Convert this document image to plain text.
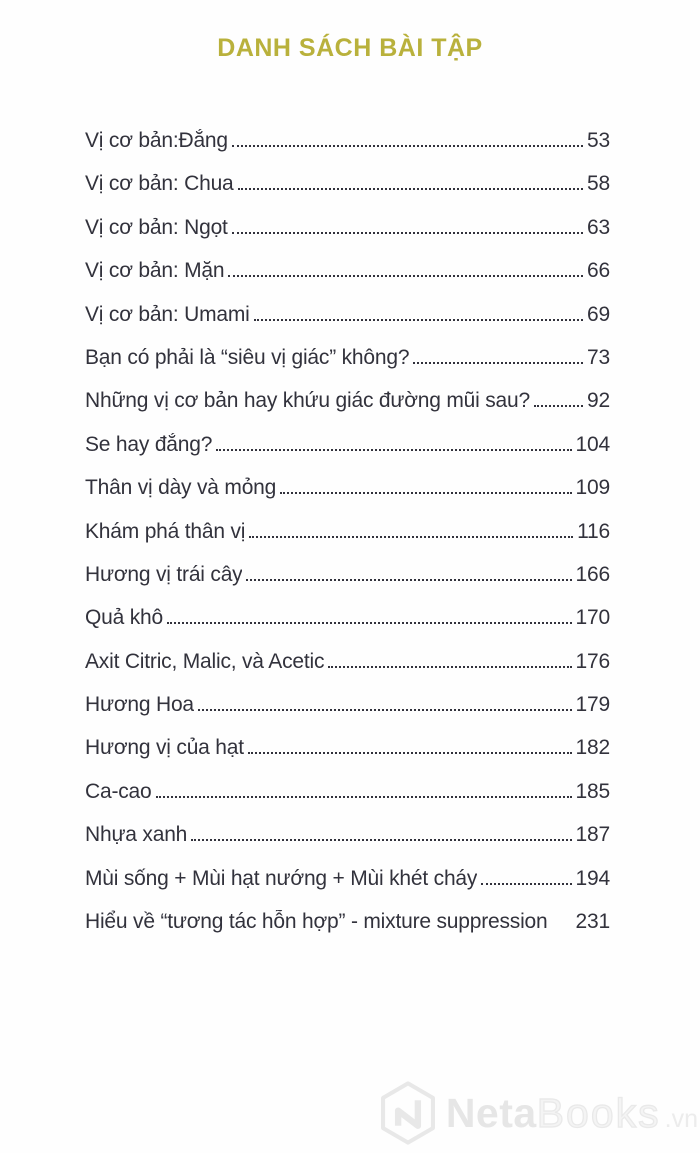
DANH SÁCH BÀI TẬP
Vị cơ bản:Đắng	53
Vị cơ bản: Chua	58
Vị cơ bản: Ngọt	63
Vị cơ bản: Mặn	66
Vị cơ bản: Umami	69
Bạn có phải là “siêu vị giác” không?	73
Những vị cơ bản hay khứu giác đường mũi sau?	92
Se hay đắng?	104
Thân vị dày và mỏng	109
Khám phá thân vị	116
Hương vị trái cây	166
Quả khô	170
Axit Citric, Malic, và Acetic	176
Hương Hoa	179
Hương vị của hạt	182
Ca-cao	185
Nhựa xanh	187
Mùi sống + Mùi hạt nướng + Mùi khét cháy	194
Hiểu về “tương tác hỗn hợp” - mixture suppression 231
Neta Books .vn
